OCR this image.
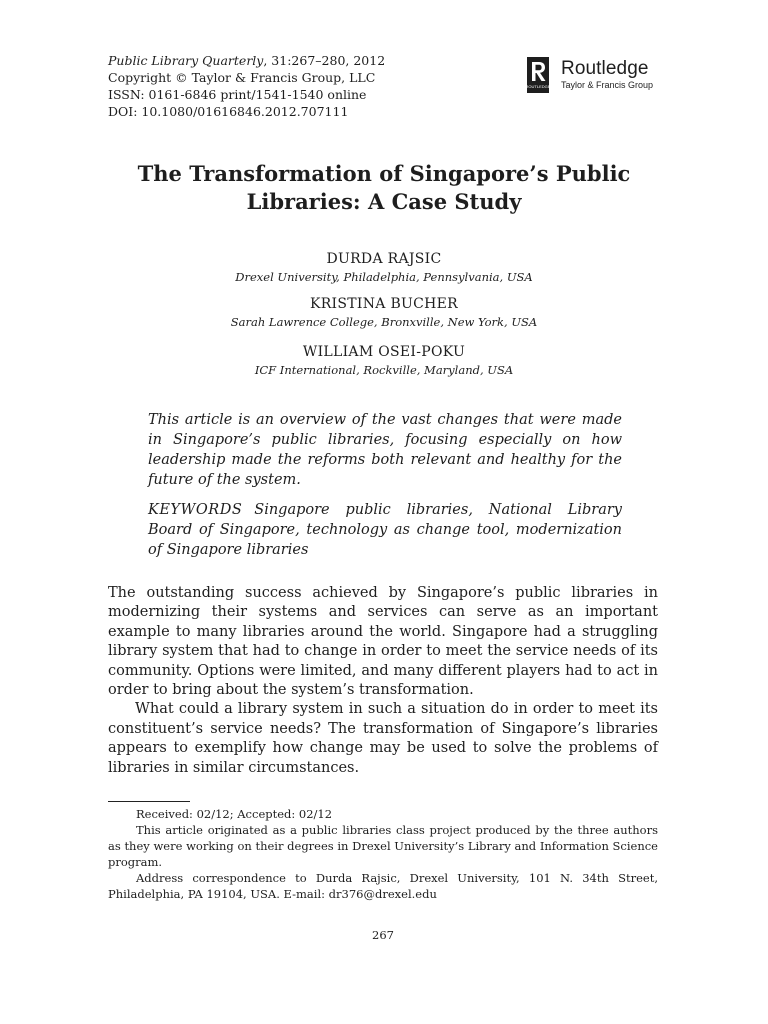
Public Library Quarterly, 31:267–280, 2012
Copyright © Taylor & Francis Group, LLC
ISSN: 0161-6846 print/1541-1540 online
DOI: 10.1080/01616846.2012.707111
ROUTLEDGE
Routledge
Taylor & Francis Group
The Transformation of Singapore’s Public
Libraries: A Case Study
DURDA RAJSIC
Drexel University, Philadelphia, Pennsylvania, USA
KRISTINA BUCHER
Sarah Lawrence College, Bronxville, New York, USA
WILLIAM OSEI-POKU
ICF International, Rockville, Maryland, USA
This article is an overview of the vast changes that were made in Singapore’s public libraries, focusing especially on how leadership made the reforms both relevant and healthy for the future of the system.
KEYWORDS Singapore public libraries, National Library Board of Singapore, technology as change tool, modernization of Singapore libraries

The outstanding success achieved by Singapore’s public libraries in modernizing their systems and services can serve as an important example to many libraries around the world. Singapore had a struggling library system that had to change in order to meet the service needs of its community. Options were limited, and many different players had to act in order to bring about the system’s transformation.

What could a library system in such a situation do in order to meet its constituent’s service needs? The transformation of Singapore’s libraries appears to exemplify how change may be used to solve the problems of libraries in similar circumstances.

Received: 02/12; Accepted: 02/12

This article originated as a public libraries class project produced by the three authors as they were working on their degrees in Drexel University’s Library and Information Science program.

Address correspondence to Durda Rajsic, Drexel University, 101 N. 34th Street, Philadelphia, PA 19104, USA. E-mail: dr376@drexel.edu

267
